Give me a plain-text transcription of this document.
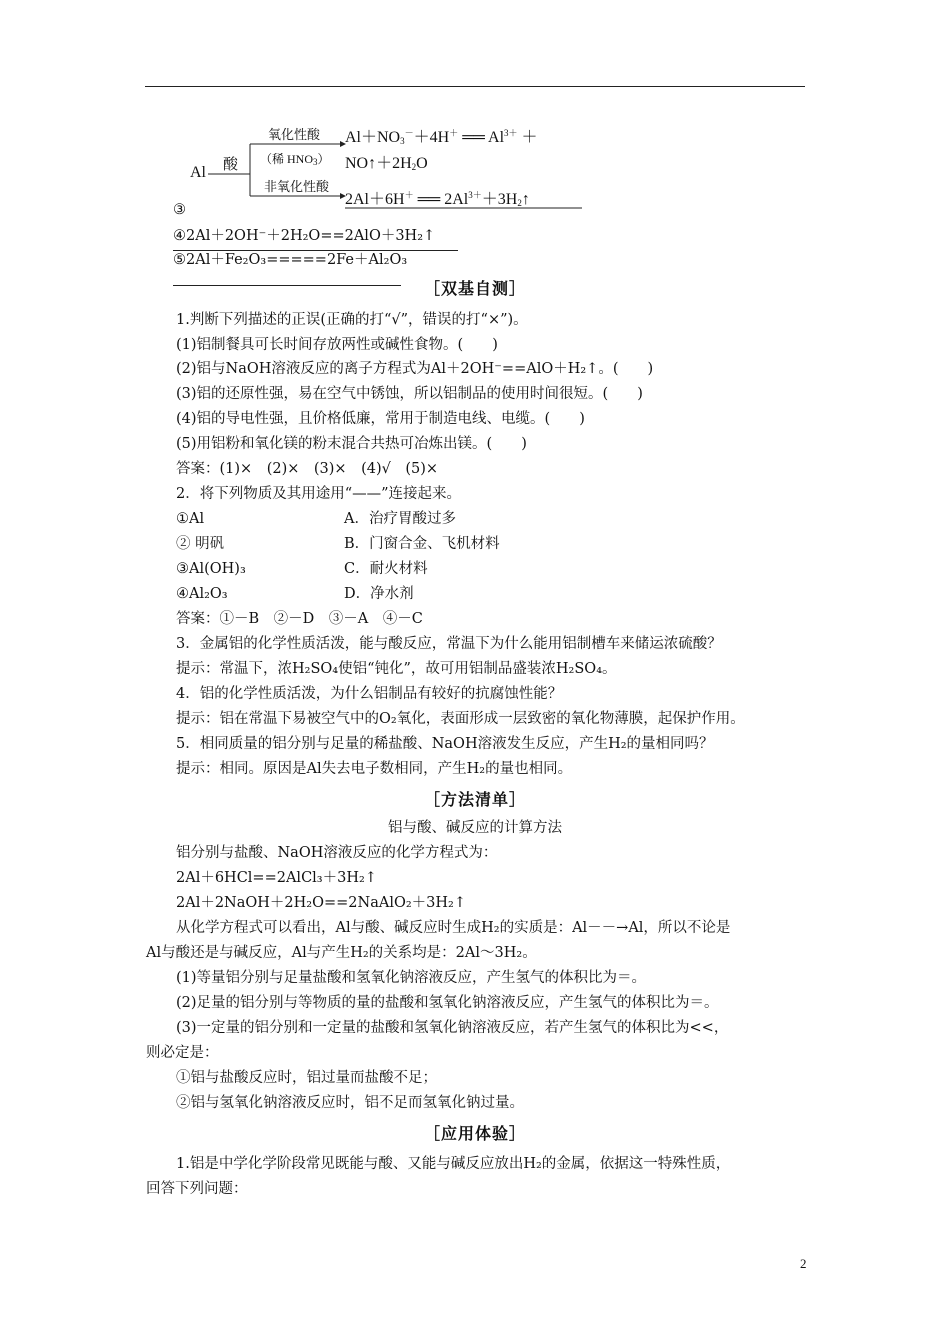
Al 酸
氧化性酸
（稀 $HNO_3$）
非氧化性酸
$Al+NO_3^-+4H^+$ ══ $Al^{3+}$ ＋
$NO↑+2H_2O$
2Al＋6H＋ ══ $2Al^{3+}+3H_2↑$
③
④2Al＋2OH⁻＋2H₂O==2AlO＋3H₂↑
⑤2Al＋Fe₂O₃=====2Fe＋Al₂O₃
［双基自测］
1.判断下列描述的正误(正确的打“√”，错误的打“×”)。
(1)铝制餐具可长时间存放两性或碱性食物。(　　)
(2)铝与NaOH溶液反应的离子方程式为Al＋2OH⁻==AlO＋H₂↑。(　　)
(3)铝的还原性强，易在空气中锈蚀，所以铝制品的使用时间很短。(　　)
(4)铝的导电性强，且价格低廉，常用于制造电线、电缆。(　　)
(5)用铝粉和氧化镁的粉末混合共热可冶炼出镁。(　　)
答案：(1)×　(2)×　(3)×　(4)√　(5)×
2．将下列物质及其用途用“——”连接起来。
①Al	A．治疗胃酸过多
② 明矾	B．门窗合金、飞机材料
③Al(OH)₃	C．耐火材料
④Al₂O₃	D．净水剂
答案：①－B　②－D　③－A　④－C
3．金属铝的化学性质活泼，能与酸反应，常温下为什么能用铝制槽车来储运浓硫酸？
提示：常温下，浓H₂SO₄使铝“钝化”，故可用铝制品盛装浓H₂SO₄。
4．铝的化学性质活泼，为什么铝制品有较好的抗腐蚀性能？
提示：铝在常温下易被空气中的O₂氧化，表面形成一层致密的氧化物薄膜，起保护作用。
5．相同质量的铝分别与足量的稀盐酸、NaOH溶液发生反应，产生H₂的量相同吗？
提示：相同。原因是Al失去电子数相同，产生H₂的量也相同。
［方法清单］
铝与酸、碱反应的计算方法
铝分别与盐酸、NaOH溶液反应的化学方程式为：
2Al＋6HCl==2AlCl₃＋3H₂↑
2Al＋2NaOH＋2H₂O==2NaAlO₂＋3H₂↑
从化学方程式可以看出，Al与酸、碱反应时生成H₂的实质是：Al－－→Al，所以不论是
Al与酸还是与碱反应，Al与产生H₂的关系均是：2Al～3H₂。
(1)等量铝分别与足量盐酸和氢氧化钠溶液反应，产生氢气的体积比为＝。
(2)足量的铝分别与等物质的量的盐酸和氢氧化钠溶液反应，产生氢气的体积比为＝。
(3)一定量的铝分别和一定量的盐酸和氢氧化钠溶液反应，若产生氢气的体积比为<<，
则必定是：
①铝与盐酸反应时，铝过量而盐酸不足；
②铝与氢氧化钠溶液反应时，铝不足而氢氧化钠过量。
［应用体验］
1.铝是中学化学阶段常见既能与酸、又能与碱反应放出H₂的金属，依据这一特殊性质，
回答下列问题：
2
